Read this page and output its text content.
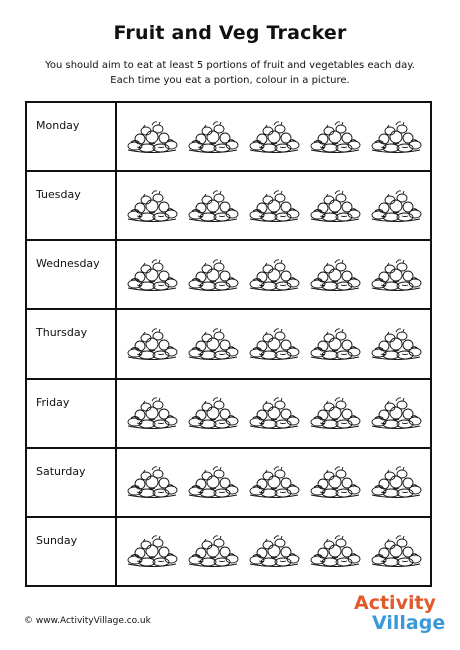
Fruit and Veg Tracker
You should aim to eat at least 5 portions of fruit and vegetables each day.
Each time you eat a portion, colour in a picture.
Monday
Tuesday
Wednesday
Thursday
Friday
Saturday
Sunday
© www.ActivityVillage.co.uk
Activity
Village
